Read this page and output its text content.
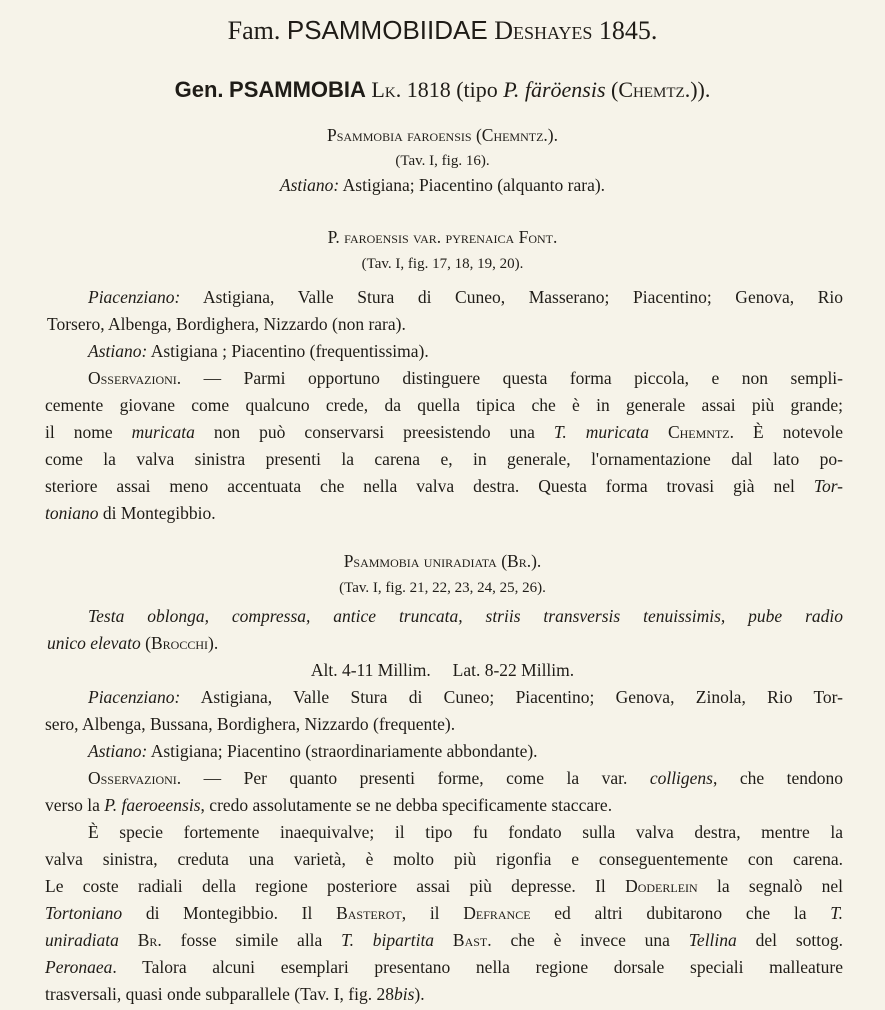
Fam. PSAMMOBIIDAE Deshayes 1845.
Gen. PSAMMOBIA Lk. 1818 (tipo P. färöensis (Chemtz.)).
Psammobia faroensis (Chemntz.).
(Tav. I, fig. 16).
Astiano: Astigiana; Piacentino (alquanto rara).
P. faroensis var. pyrenaica Font.
(Tav. I, fig. 17, 18, 19, 20).
Piacenziano: Astigiana, Valle Stura di Cuneo, Masserano; Piacentino; Genova, Rio
Torsero, Albenga, Bordighera, Nizzardo (non rara).
Astiano: Astigiana ; Piacentino (frequentissima).
Osservazioni. — Parmi opportuno distinguere questa forma piccola, e non sempli-
cemente giovane come qualcuno crede, da quella tipica che è in generale assai più grande;
il nome muricata non può conservarsi preesistendo una T. muricata Chemntz. È notevole
come la valva sinistra presenti la carena e, in generale, l'ornamentazione dal lato po-
steriore assai meno accentuata che nella valva destra. Questa forma trovasi già nel Tor-
toniano di Montegibbio.
Psammobia uniradiata (Br.).
(Tav. I, fig. 21, 22, 23, 24, 25, 26).
Testa oblonga, compressa, antice truncata, striis transversis tenuissimis, pube radio
unico elevato (Brocchi).
Alt. 4-11 Millim.     Lat. 8-22 Millim.
Piacenziano: Astigiana, Valle Stura di Cuneo; Piacentino; Genova, Zinola, Rio Tor-
sero, Albenga, Bussana, Bordighera, Nizzardo (frequente).
Astiano: Astigiana; Piacentino (straordinariamente abbondante).
Osservazioni. — Per quanto presenti forme, come la var. colligens, che tendono
verso la P. faeroeensis, credo assolutamente se ne debba specificamente staccare.
È specie fortemente inaequivalve; il tipo fu fondato sulla valva destra, mentre la
valva sinistra, creduta una varietà, è molto più rigonfia e conseguentemente con carena.
Le coste radiali della regione posteriore assai più depresse. Il Doderlein la segnalò nel
Tortoniano di Montegibbio. Il Basterot, il Defrance ed altri dubitarono che la T.
uniradiata Br. fosse simile alla T. bipartita Bast. che è invece una Tellina del sottog.
Peronaea. Talora alcuni esemplari presentano nella regione dorsale speciali malleature
trasversali, quasi onde subparallele (Tav. I, fig. 28bis).
